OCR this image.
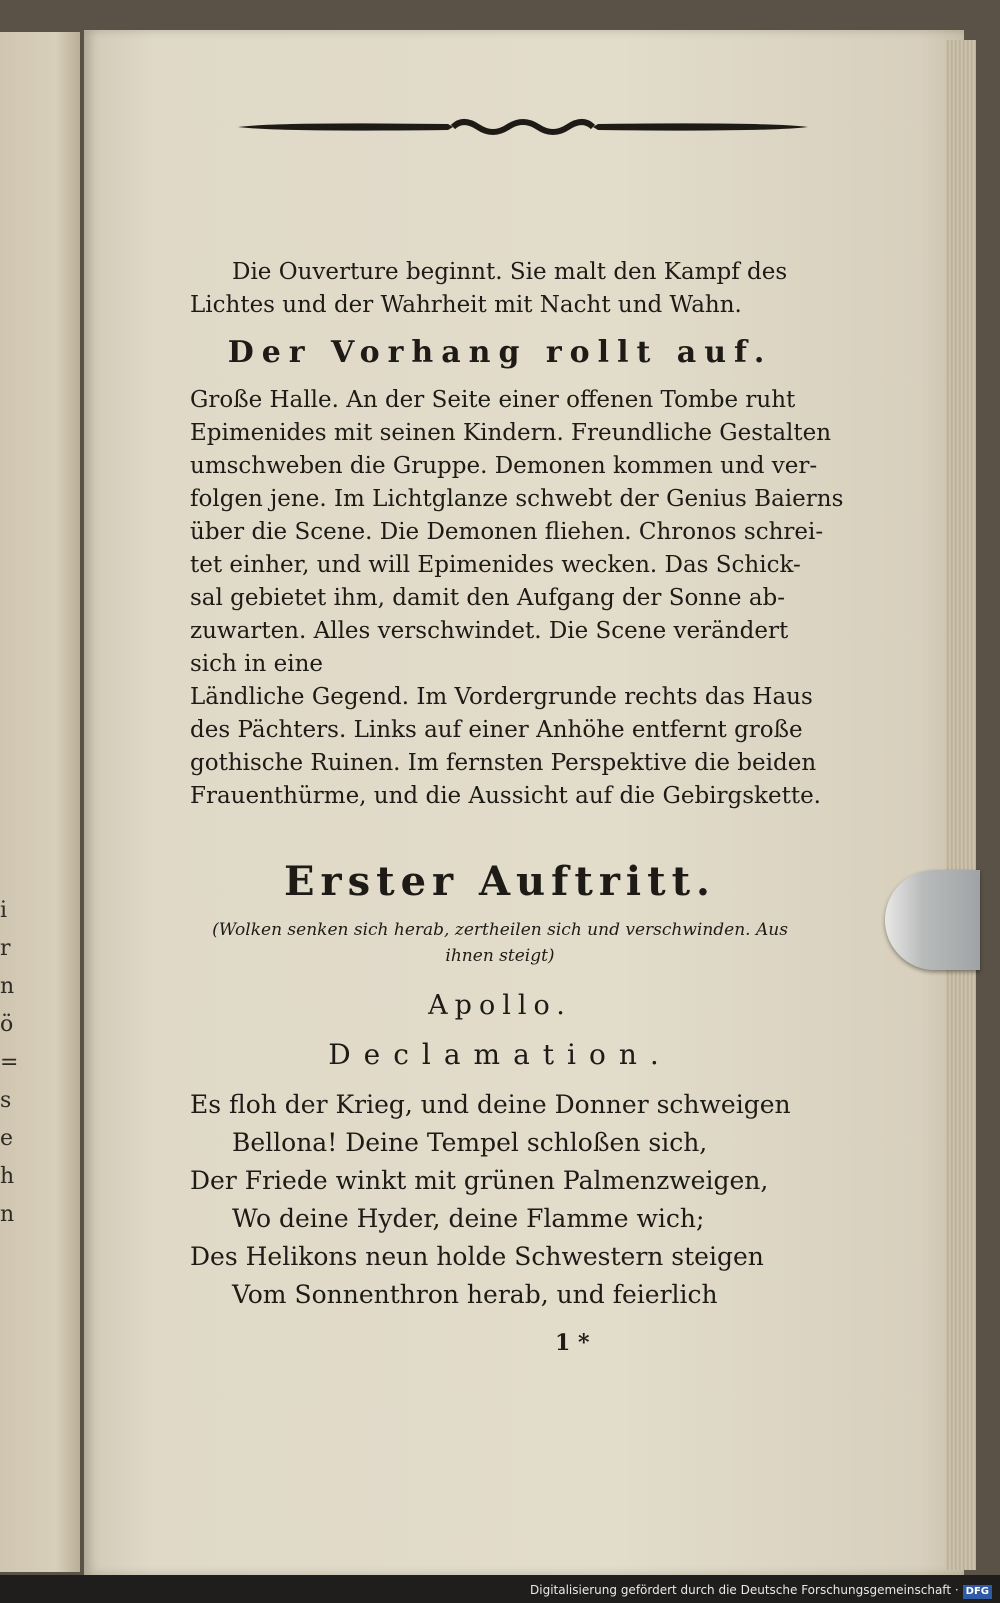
i
r
n
ö
=
s
e
h
n
Die Ouverture beginnt. Sie malt den Kampf des
Lichtes und der Wahrheit mit Nacht und Wahn.
Der Vorhang rollt auf.
Große Halle. An der Seite einer offenen Tombe ruht
Epimenides mit seinen Kindern. Freundliche Gestalten
umschweben die Gruppe. Demonen kommen und ver-
folgen jene. Im Lichtglanze schwebt der Genius Baierns
über die Scene. Die Demonen fliehen. Chronos schrei-
tet einher, und will Epimenides wecken. Das Schick-
sal gebietet ihm, damit den Aufgang der Sonne ab-
zuwarten. Alles verschwindet. Die Scene verändert
sich in eine
Ländliche Gegend. Im Vordergrunde rechts das Haus
des Pächters. Links auf einer Anhöhe entfernt große
gothische Ruinen. Im fernsten Perspektive die beiden
Frauenthürme, und die Aussicht auf die Gebirgskette.
Erster Auftritt.
(Wolken senken sich herab, zertheilen sich und verschwinden. Aus
ihnen steigt)
Apollo.
Declamation.
Es floh der Krieg, und deine Donner schweigen
Bellona! Deine Tempel schloßen sich,
Der Friede winkt mit grünen Palmenzweigen,
Wo deine Hyder, deine Flamme wich;
Des Helikons neun holde Schwestern steigen
Vom Sonnenthron herab, und feierlich
1 *
Digitalisierung gefördert durch die Deutsche Forschungsgemeinschaft · DFG
